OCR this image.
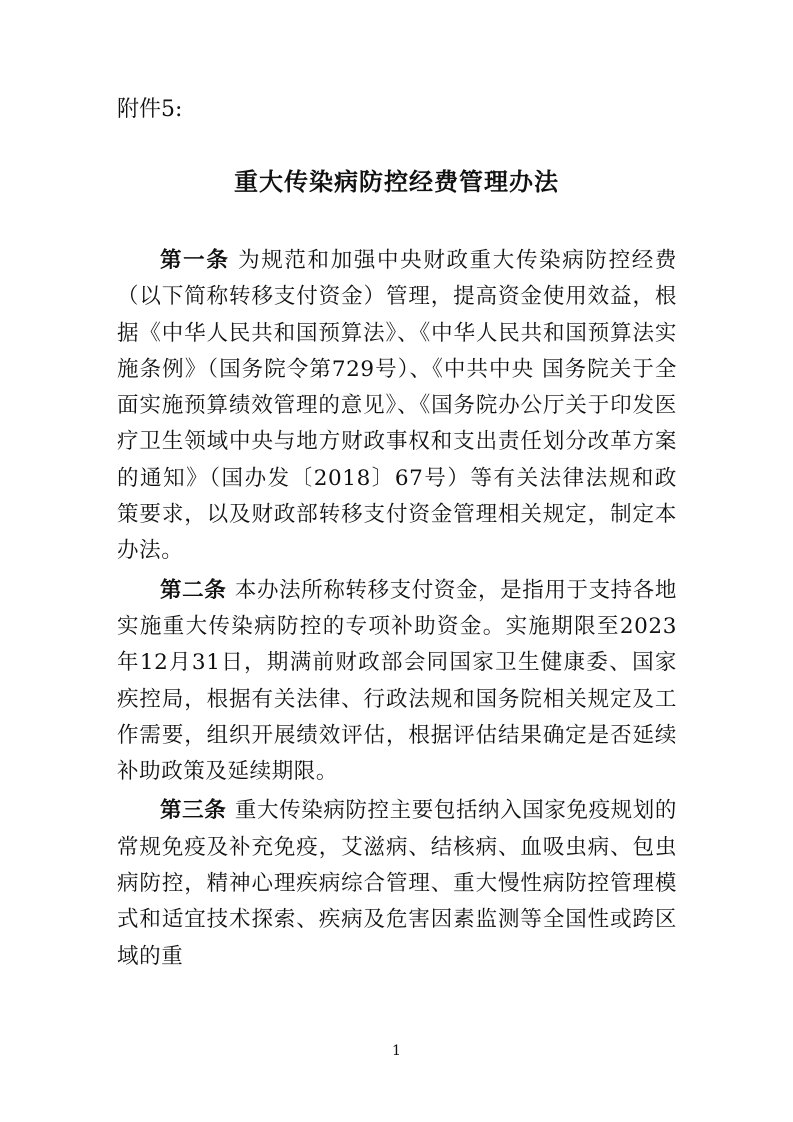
附件5:
重大传染病防控经费管理办法

第一条 为规范和加强中央财政重大传染病防控经费（以下简称转移支付资金）管理，提高资金使用效益，根据《中华人民共和国预算法》、《中华人民共和国预算法实施条例》（国务院令第729号）、《中共中央 国务院关于全面实施预算绩效管理的意见》、《国务院办公厅关于印发医疗卫生领域中央与地方财政事权和支出责任划分改革方案的通知》（国办发〔2018〕67号）等有关法律法规和政策要求，以及财政部转移支付资金管理相关规定，制定本办法。

第二条 本办法所称转移支付资金，是指用于支持各地实施重大传染病防控的专项补助资金。实施期限至2023年12月31日，期满前财政部会同国家卫生健康委、国家疾控局，根据有关法律、行政法规和国务院相关规定及工作需要，组织开展绩效评估，根据评估结果确定是否延续补助政策及延续期限。

第三条 重大传染病防控主要包括纳入国家免疫规划的常规免疫及补充免疫，艾滋病、结核病、血吸虫病、包虫病防控，精神心理疾病综合管理、重大慢性病防控管理模式和适宜技术探索、疾病及危害因素监测等全国性或跨区域的重

1
